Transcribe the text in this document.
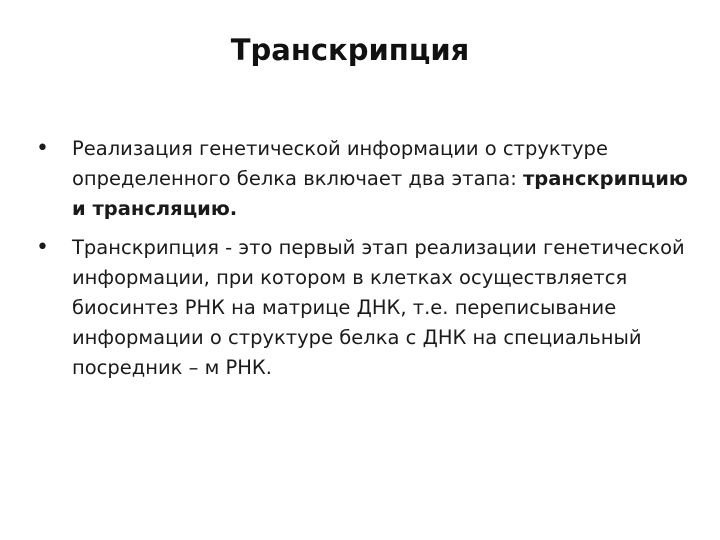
Транскрипция
• Реализация генетической информации о структуре определенного белка включает два этапа: транскрипцию и трансляцию.
• Транскрипция - это первый этап реализации генетической информации, при котором в клетках осуществляется биосинтез РНК на матрице ДНК, т.е. переписывание информации о структуре белка с ДНК на специальный посредник – м РНК.
